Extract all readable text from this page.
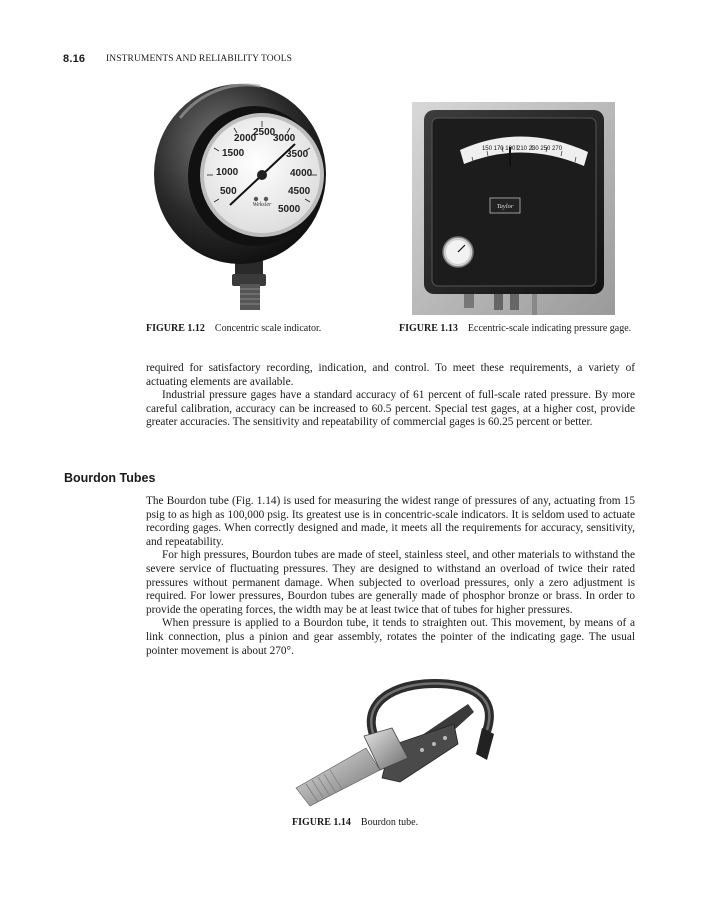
8.16 INSTRUMENTS AND RELIABILITY TOOLS
500
1000
1500
2000
2500
3000
3500
4000
4500
5000
Weksler
150 170 190 210 230 250 270
Taylor
FIGURE 1.12 Concentric scale indicator.	FIGURE 1.13 Eccentric-scale indicating pressure gage.

required for satisfactory recording, indication, and control. To meet these requirements, a variety of actuating elements are available.

Industrial pressure gages have a standard accuracy of 61 percent of full-scale rated pressure. By more careful calibration, accuracy can be increased to 60.5 percent. Special test gages, at a higher cost, provide greater accuracies. The sensitivity and repeatability of commercial gages is 60.25 percent or better.

Bourdon Tubes

The Bourdon tube (Fig. 1.14) is used for measuring the widest range of pressures of any, actuating from 15 psig to as high as 100,000 psig. Its greatest use is in concentric-scale indicators. It is seldom used to actuate recording gages. When correctly designed and made, it meets all the requirements for accuracy, sensitivity, and repeatability.

For high pressures, Bourdon tubes are made of steel, stainless steel, and other materials to withstand the severe service of fluctuating pressures. They are designed to withstand an overload of twice their rated pressures without permanent damage. When subjected to overload pressures, only a zero adjustment is required. For lower pressures, Bourdon tubes are generally made of phosphor bronze or brass. In order to provide the operating forces, the width may be at least twice that of tubes for higher pressures.

When pressure is applied to a Bourdon tube, it tends to straighten out. This movement, by means of a link connection, plus a pinion and gear assembly, rotates the pointer of the indicating gage. The usual pointer movement is about 270°.

FIGURE 1.14 Bourdon tube.
